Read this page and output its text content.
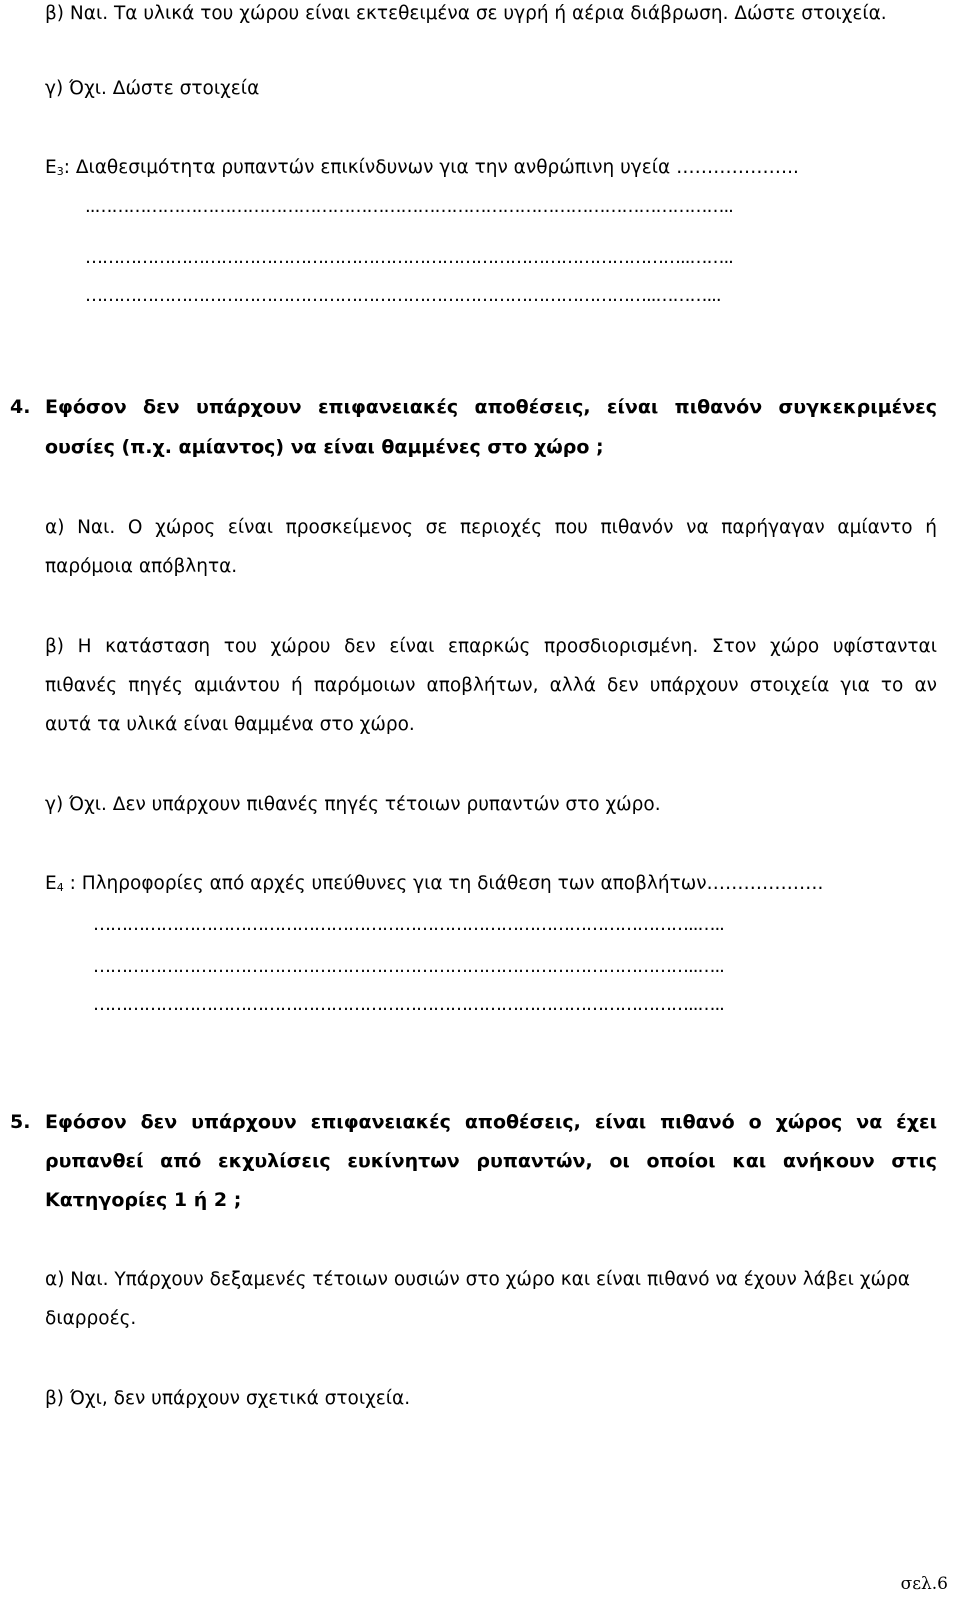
β) Ναι. Τα υλικά του χώρου είναι εκτεθειμένα σε υγρή ή αέρια διάβρωση. Δώστε στοιχεία.
γ) Όχι. Δώστε στοιχεία
$E_3$: Διαθεσιμότητα ρυπαντών επικίνδυνων για την ανθρώπινη υγεία ………………..
..…………………………………………………………………………………………………..
……………………………………………………………………………………………..……..
………………………………………………………………………………………..………...
4. Εφόσον δεν υπάρχουν επιφανειακές αποθέσεις, είναι πιθανόν συγκεκριμένες
ουσίες (π.χ. αμίαντος) να είναι θαμμένες στο χώρο ;
α) Ναι. Ο χώρος είναι προσκείμενος σε περιοχές που πιθανόν να παρήγαγαν αμίαντο ή
παρόμοια απόβλητα.
β) Η κατάσταση του χώρου δεν είναι επαρκώς προσδιορισμένη. Στον χώρο υφίστανται
πιθανές πηγές αμιάντου ή παρόμοιων αποβλήτων, αλλά δεν υπάρχουν στοιχεία για το αν
αυτά τα υλικά είναι θαμμένα στο χώρο.
γ) Όχι. Δεν υπάρχουν πιθανές πηγές τέτοιων ρυπαντών στο χώρο.
$E_4$ : Πληροφορίες από αρχές υπεύθυνες για τη διάθεση των αποβλήτων……………….
……………………………………………………………………………………………..…..
……………………………………………………………………………………………..…..
……………………………………………………………………………………………..…..
5. Εφόσον δεν υπάρχουν επιφανειακές αποθέσεις, είναι πιθανό ο χώρος να έχει
ρυπανθεί από εκχυλίσεις ευκίνητων ρυπαντών, οι οποίοι και ανήκουν στις
Κατηγορίες 1 ή 2 ;
α) Ναι. Υπάρχουν δεξαμενές τέτοιων ουσιών στο χώρο και είναι πιθανό να έχουν λάβει χώρα
διαρροές.
β) Όχι, δεν υπάρχουν σχετικά στοιχεία.
σελ.6
